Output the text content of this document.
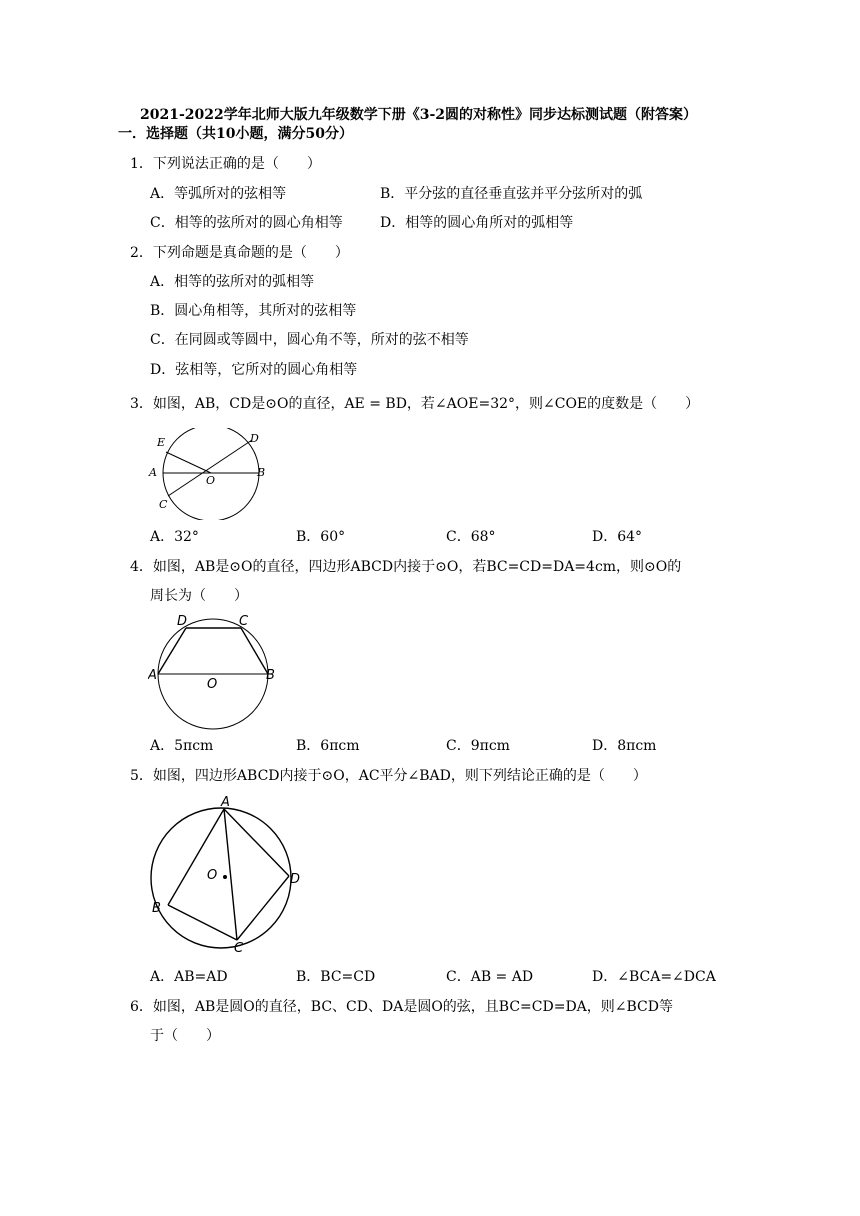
2021-2022学年北师大版九年级数学下册《3-2圆的对称性》同步达标测试题（附答案）
一．选择题（共10小题，满分50分）
1．下列说法正确的是（　　）
A．等弧所对的弦相等	B．平分弦的直径垂直弦并平分弦所对的弧
C．相等的弦所对的圆心角相等	D．相等的圆心角所对的弧相等
2．下列命题是真命题的是（　　）
A．相等的弦所对的弧相等
B．圆心角相等，其所对的弦相等
C．在同圆或等圆中，圆心角不等，所对的弦不相等
D．弦相等，它所对的圆心角相等
3．如图，AB，CD是⊙O的直径，AE = BD，若∠AOE=32°，则∠COE的度数是（　　）
E	D
A
O
B
C
A．32°	B．60°	C．68°	D．64°
4．如图，AB是⊙O的直径，四边形ABCD内接于⊙O，若BC=CD=DA=4cm，则⊙O的
周长为（　　）
D	C
A
O
B
A．5πcm	B．6πcm	C．9πcm	D．8πcm
5．如图，四边形ABCD内接于⊙O，AC平分∠BAD，则下列结论正确的是（　　）
A
O	D
B
C
A．AB=AD	B．BC=CD	C．AB = AD	D．∠BCA=∠DCA
6．如图，AB是圆O的直径，BC、CD、DA是圆O的弦，且BC=CD=DA，则∠BCD等
于（　　）
